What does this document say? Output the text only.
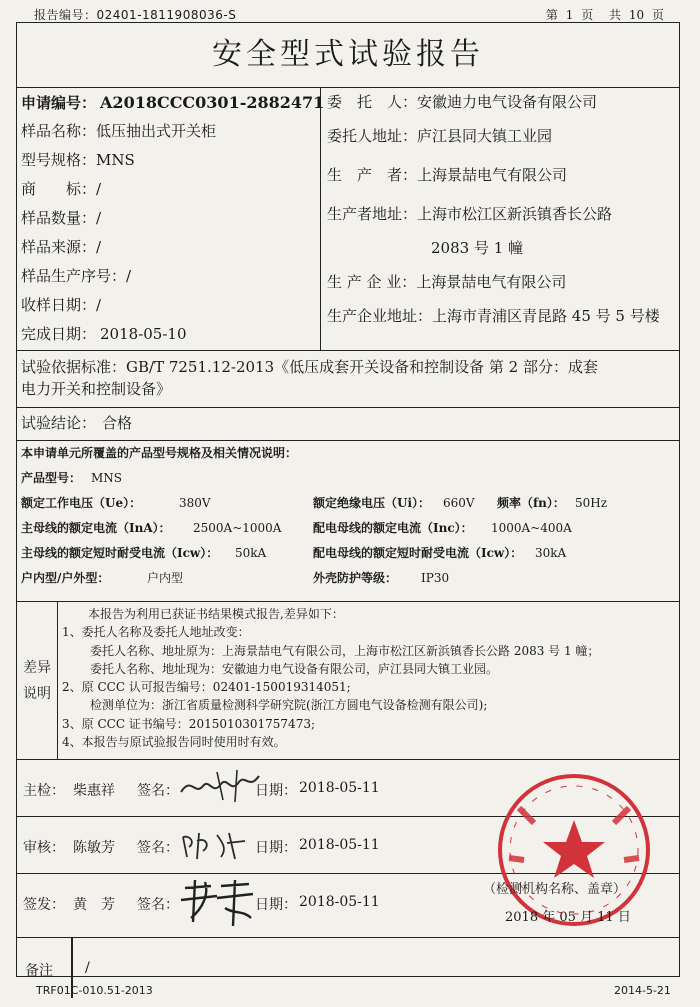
报告编号：02401-1811908036-S	第 1 页 共 10 页
安全型式试验报告
申请编号： A2018CCC0301-2882471
样品名称：低压抽出式开关柜
型号规格：MNS
商　　标：/
样品数量：/
样品来源：/
样品生产序号：/
收样日期：/
完成日期： 2018-05-10
委　托　人：安徽迪力电气设备有限公司
委托人地址：庐江县同大镇工业园
生　产　者：上海景喆电气有限公司
生产者地址：上海市松江区新浜镇香长公路
2083 号 1 幢
生 产 企 业：上海景喆电气有限公司
生产企业地址：上海市青浦区青昆路 45 号 5 号楼
试验依据标准：GB/T 7251.12-2013《低压成套开关设备和控制设备 第 2 部分：成套
电力开关和控制设备》
试验结论： 合格
本申请单元所覆盖的产品型号规格及相关情况说明：
产品型号： MNS
额定工作电压（Ue）：	380V	额定绝缘电压（Ui）： 660V 频率（fn）： 50Hz
主母线的额定电流（InA）： 2500A~1000A	配电母线的额定电流（Inc）： 1000A~400A
主母线的额定短时耐受电流（Icw）： 50kA	配电母线的额定短时耐受电流（Icw）： 30kA
户内型/户外型：	户内型	外壳防护等级： IP30
差异
说明
本报告为利用已获证书结果模式报告,差异如下：
1、委托人名称及委托人地址改变：
委托人名称、地址原为：上海景喆电气有限公司，上海市松江区新浜镇香长公路 2083 号 1 幢；
委托人名称、地址现为：安徽迪力电气设备有限公司，庐江县同大镇工业园。
2、原 CCC 认可报告编号：02401-150019314051;
检测单位为：浙江省质量检测科学研究院(浙江方圆电气设备检测有限公司);
3、原 CCC 证书编号：2015010301757473;
4、本报告与原试验报告同时使用时有效。
主检： 柴惠祥 签名：	日期： 2018-05-11
审核： 陈敏芳 签名：	日期： 2018-05-11
签发： 黄　芳 签名：	日期： 2018-05-11
（检测机构名称、盖章）
2018 年 05 月 11 日
备注 /
TRF01C-010.51-2013	2014-5-21
